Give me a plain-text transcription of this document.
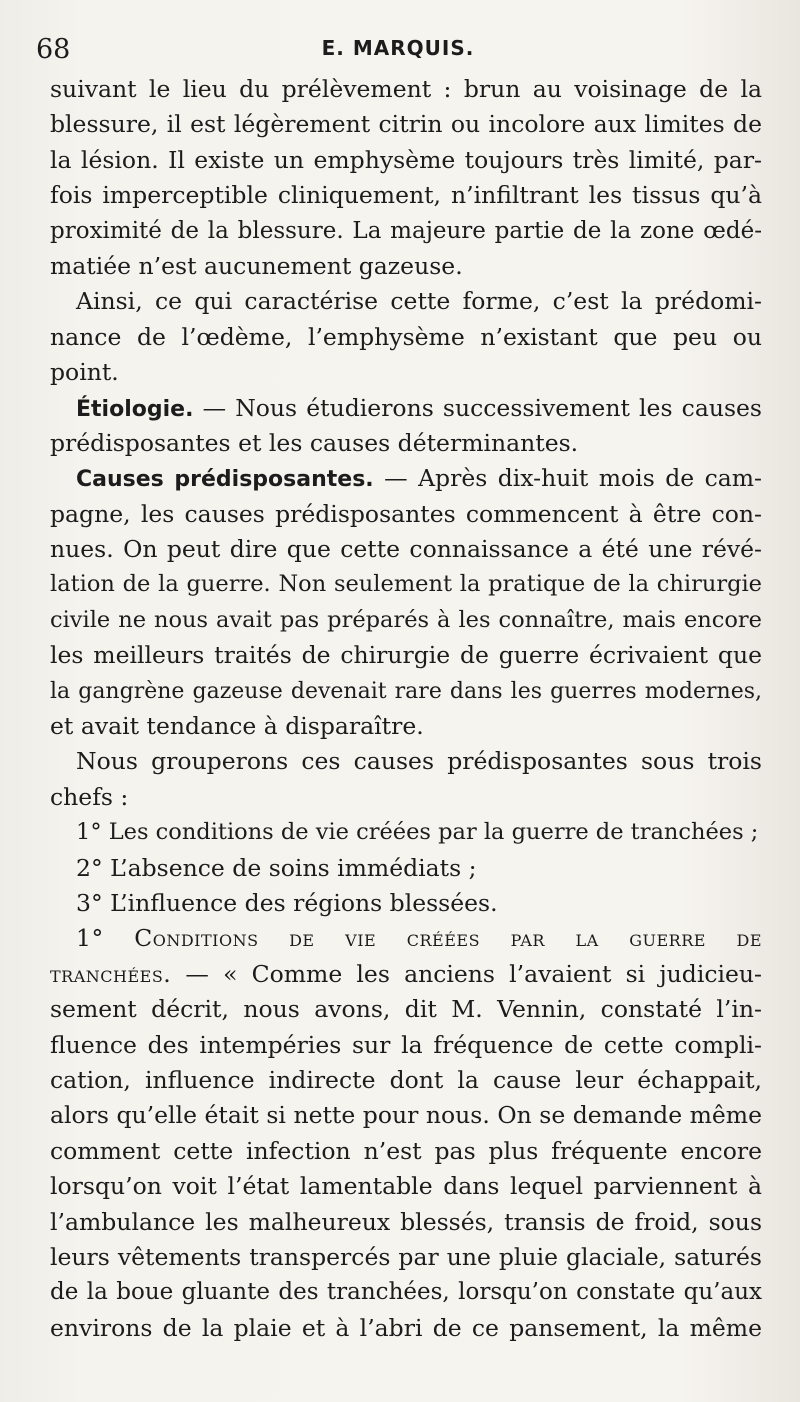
68	E. MARQUIS.
suivant le lieu du prélèvement : brun au voisinage de la
blessure, il est légèrement citrin ou incolore aux limites de
la lésion. Il existe un emphysème toujours très limité, par-
fois imperceptible cliniquement, n’infiltrant les tissus qu’à
proximité de la blessure. La majeure partie de la zone œdé-
matiée n’est aucunement gazeuse.
Ainsi, ce qui caractérise cette forme, c’est la prédomi-
nance de l’œdème, l’emphysème n’existant que peu ou
point.
Étiologie. — Nous étudierons successivement les causes
prédisposantes et les causes déterminantes.
Causes prédisposantes. — Après dix-huit mois de cam-
pagne, les causes prédisposantes commencent à être con-
nues. On peut dire que cette connaissance a été une révé-
lation de la guerre. Non seulement la pratique de la chirurgie
civile ne nous avait pas préparés à les connaître, mais encore
les meilleurs traités de chirurgie de guerre écrivaient que
la gangrène gazeuse devenait rare dans les guerres modernes,
et avait tendance à disparaître.
Nous grouperons ces causes prédisposantes sous trois
chefs :
1° Les conditions de vie créées par la guerre de tranchées ;
2° L’absence de soins immédiats ;
3° L’influence des régions blessées.
1° Conditions de vie créées par la guerre de
tranchées. — « Comme les anciens l’avaient si judicieu-
sement décrit, nous avons, dit M. Vennin, constaté l’in-
fluence des intempéries sur la fréquence de cette compli-
cation, influence indirecte dont la cause leur échappait,
alors qu’elle était si nette pour nous. On se demande même
comment cette infection n’est pas plus fréquente encore
lorsqu’on voit l’état lamentable dans lequel parviennent à
l’ambulance les malheureux blessés, transis de froid, sous
leurs vêtements transpercés par une pluie glaciale, saturés
de la boue gluante des tranchées, lorsqu’on constate qu’aux
environs de la plaie et à l’abri de ce pansement, la même
